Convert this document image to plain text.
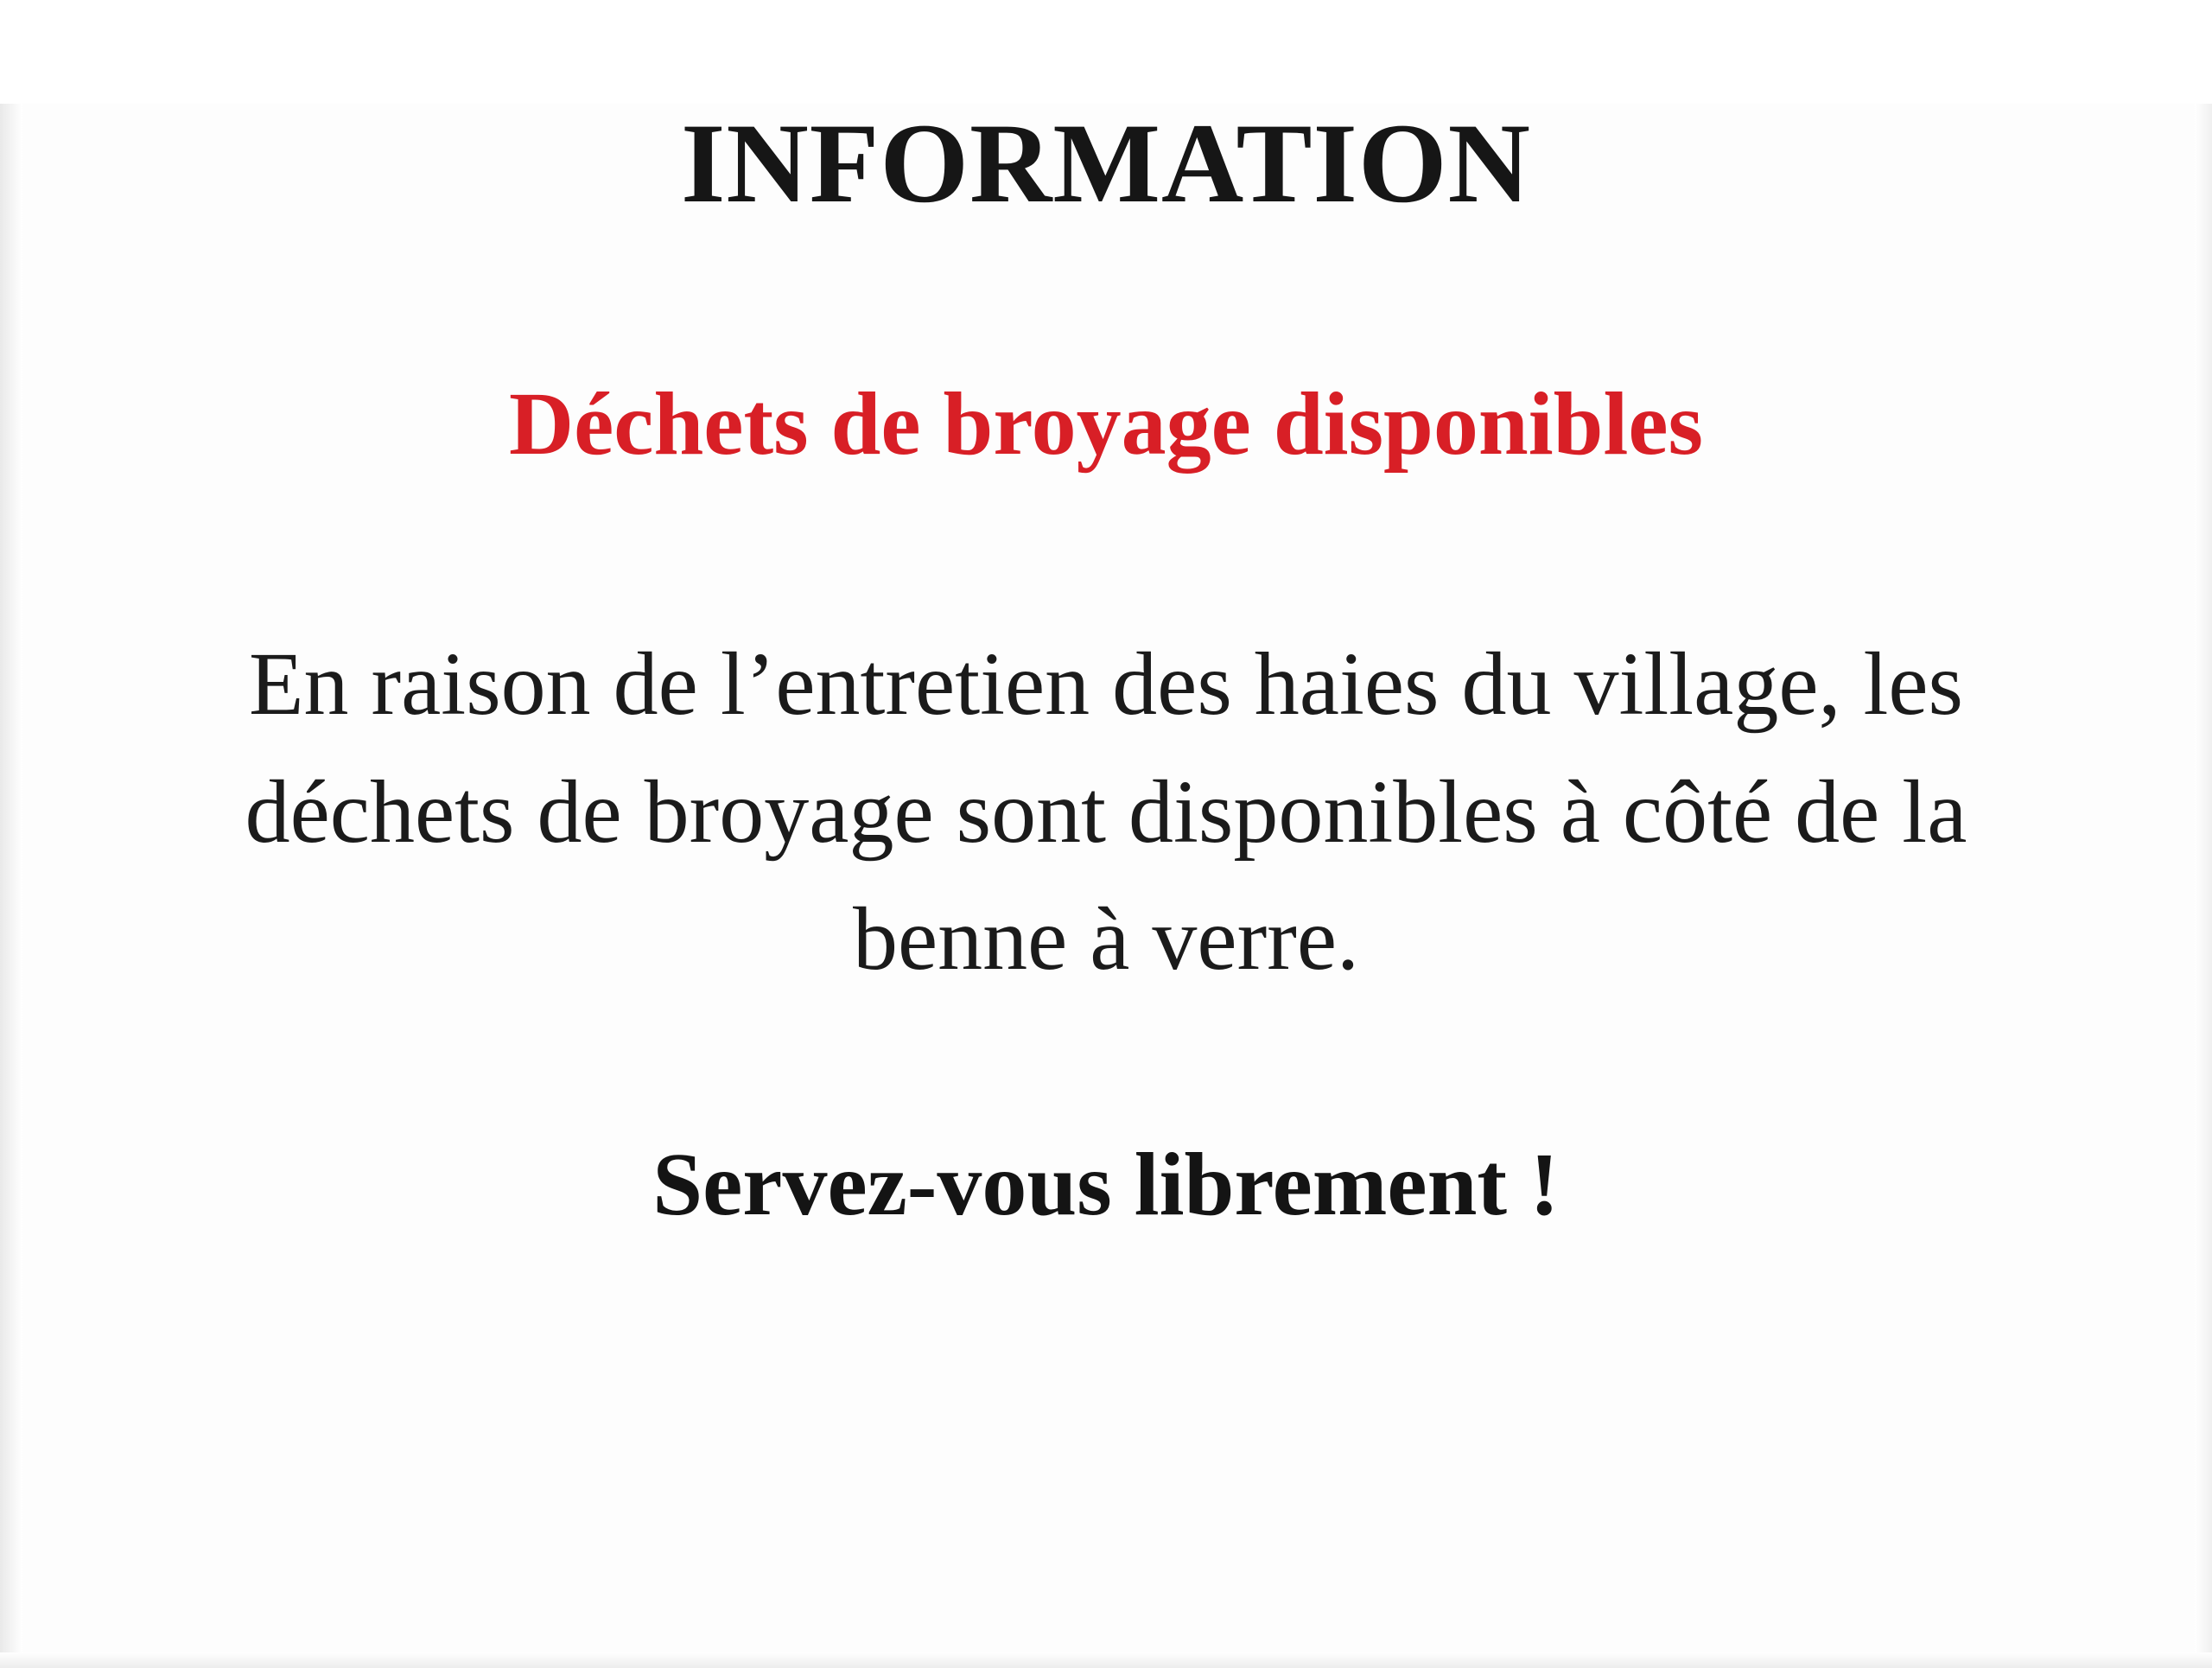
INFORMATION
Déchets de broyage disponibles

En raison de l’entretien des haies du village, les déchets de broyage sont disponibles à côté de la benne à verre.

Servez-vous librement !
